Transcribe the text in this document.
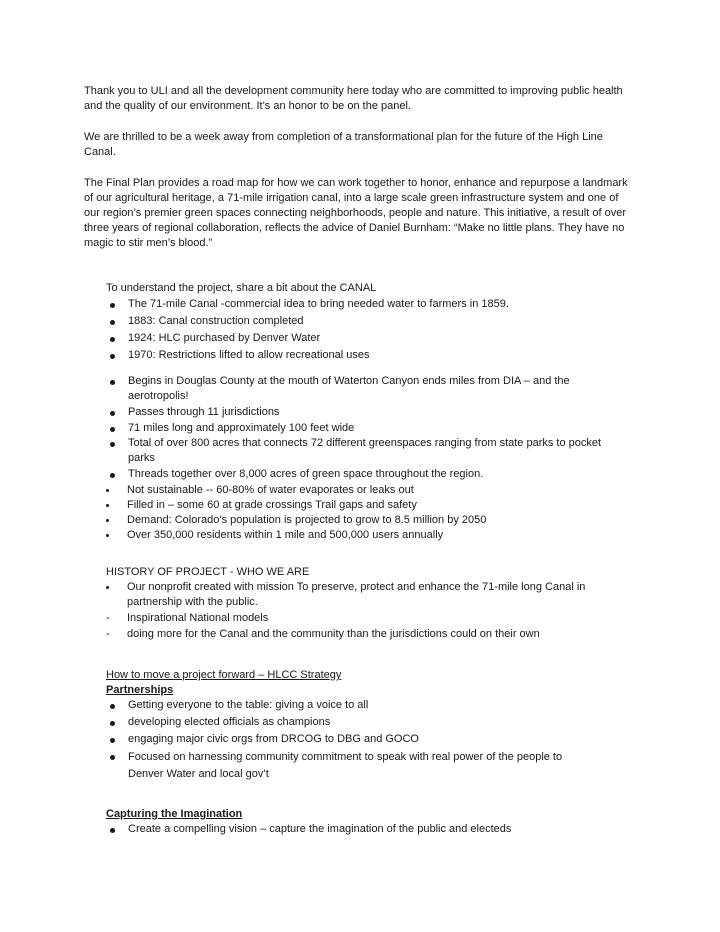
Thank you to ULI and all the development community here today who are committed to improving public health and the quality of our environment. It’s an honor to be on the panel.

We are thrilled to be a week away from completion of a transformational plan for the future of the High Line Canal.

The Final Plan provides a road map for how we can work together to honor, enhance and repurpose a landmark of our agricultural heritage, a 71-mile irrigation canal, into a large scale green infrastructure system and one of our region’s premier green spaces connecting neighborhoods, people and nature. This initiative, a result of over three years of regional collaboration, reflects the advice of Daniel Burnham: “Make no little plans. They have no magic to stir men’s blood.”

To understand the project, share a bit about the CANAL

The 71-mile Canal -commercial idea to bring needed water to farmers in 1859.
1883: Canal construction completed
1924: HLC purchased by Denver Water
1970: Restrictions lifted to allow recreational uses
Begins in Douglas County at the mouth of Waterton Canyon ends miles from DIA – and the aerotropolis!
Passes through 11 jurisdictions
71 miles long and approximately 100 feet wide
Total of over 800 acres that connects 72 different greenspaces ranging from state parks to pocket parks
Threads together over 8,000 acres of green space throughout the region.
Not sustainable -- 60-80% of water evaporates or leaks out
Filled in – some 60 at grade crossings Trail gaps and safety
Demand: Colorado’s population is projected to grow to 8.5 million by 2050
Over 350,000 residents within 1 mile and 500,000 users annually

HISTORY OF PROJECT - WHO WE ARE

Our nonprofit created with mission To preserve, protect and enhance the 71-mile long Canal in partnership with the public.
- Inspirational National models
- doing more for the Canal and the community than the jurisdictions could on their own

How to move a project forward – HLCC Strategy

Partnerships

Getting everyone to the table: giving a voice to all
developing elected officials as champions
engaging major civic orgs from DRCOG to DBG and GOCO
Focused on harnessing community commitment to speak with real power of the people to Denver Water and local gov’t

Capturing the Imagination

Create a compelling vision – capture the imagination of the public and electeds
